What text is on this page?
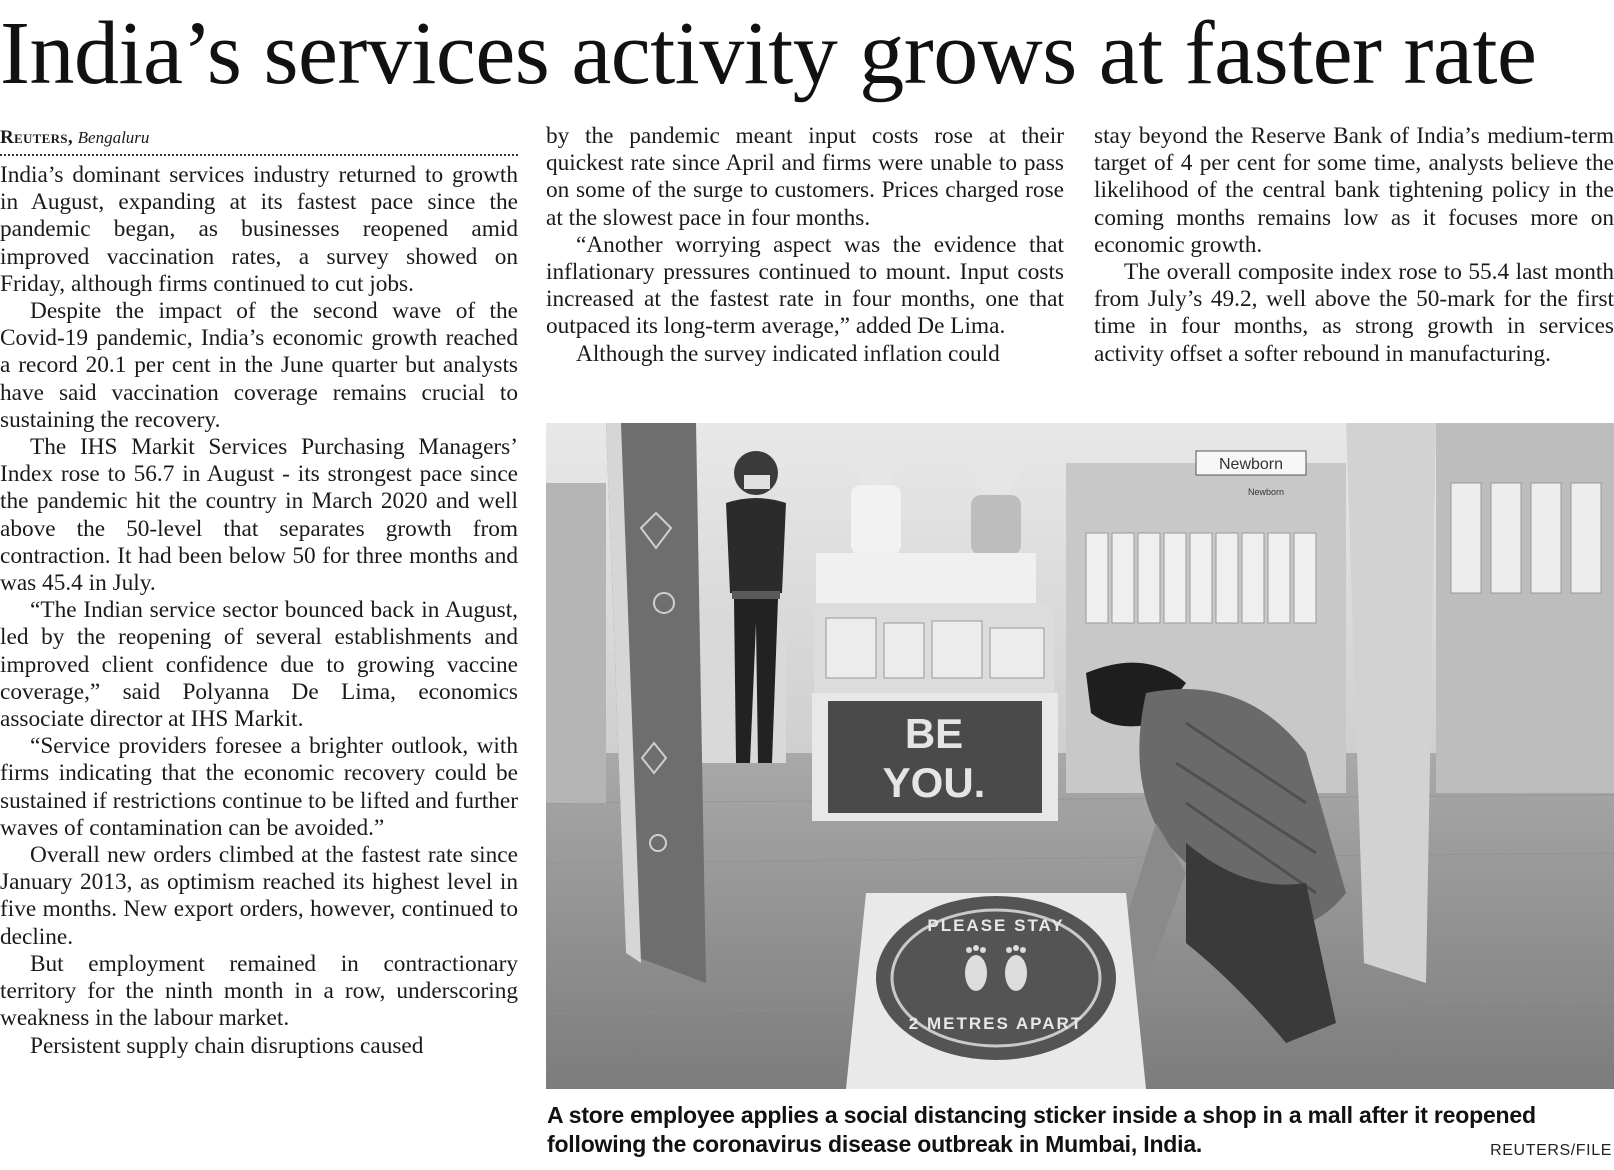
India’s services activity grows at faster rate
Reuters, Bengaluru

India’s dominant services industry returned to growth in August, expanding at its fastest pace since the pandemic began, as businesses reopened amid improved vaccination rates, a survey showed on Friday, although firms continued to cut jobs.

Despite the impact of the second wave of the Covid-19 pandemic, India’s economic growth reached a record 20.1 per cent in the June quarter but analysts have said vaccination coverage remains crucial to sustaining the recovery.

The IHS Markit Services Purchasing Managers’ Index rose to 56.7 in August - its strongest pace since the pandemic hit the country in March 2020 and well above the 50-level that separates growth from contraction. It had been below 50 for three months and was 45.4 in July.

“The Indian service sector bounced back in August, led by the reopening of several establishments and improved client confidence due to growing vaccine coverage,” said Polyanna De Lima, economics associate director at IHS Markit.

“Service providers foresee a brighter outlook, with firms indicating that the economic recovery could be sustained if restrictions continue to be lifted and further waves of contamination can be avoided.”

Overall new orders climbed at the fastest rate since January 2013, as optimism reached its highest level in five months. New export orders, however, continued to decline.

But employment remained in contractionary territory for the ninth month in a row, underscoring weakness in the labour market.

Persistent supply chain disruptions caused

by the pandemic meant input costs rose at their quickest rate since April and firms were unable to pass on some of the surge to customers. Prices charged rose at the slowest pace in four months.

“Another worrying aspect was the evidence that inflationary pressures continued to mount. Input costs increased at the fastest rate in four months, one that outpaced its long-term average,” added De Lima.

Although the survey indicated inflation could

stay beyond the Reserve Bank of India’s medium-term target of 4 per cent for some time, analysts believe the likelihood of the central bank tightening policy in the coming months remains low as it focuses more on economic growth.

The overall composite index rose to 55.4 last month from July’s 49.2, well above the 50-mark for the first time in four months, as strong growth in services activity offset a softer rebound in manufacturing.

BE
YOU.
Newborn
Newborn
PLEASE STAY
2 METRES APART
A store employee applies a social distancing sticker inside a shop in a mall after it reopened following the coronavirus disease outbreak in Mumbai, India.	REUTERS/FILE
